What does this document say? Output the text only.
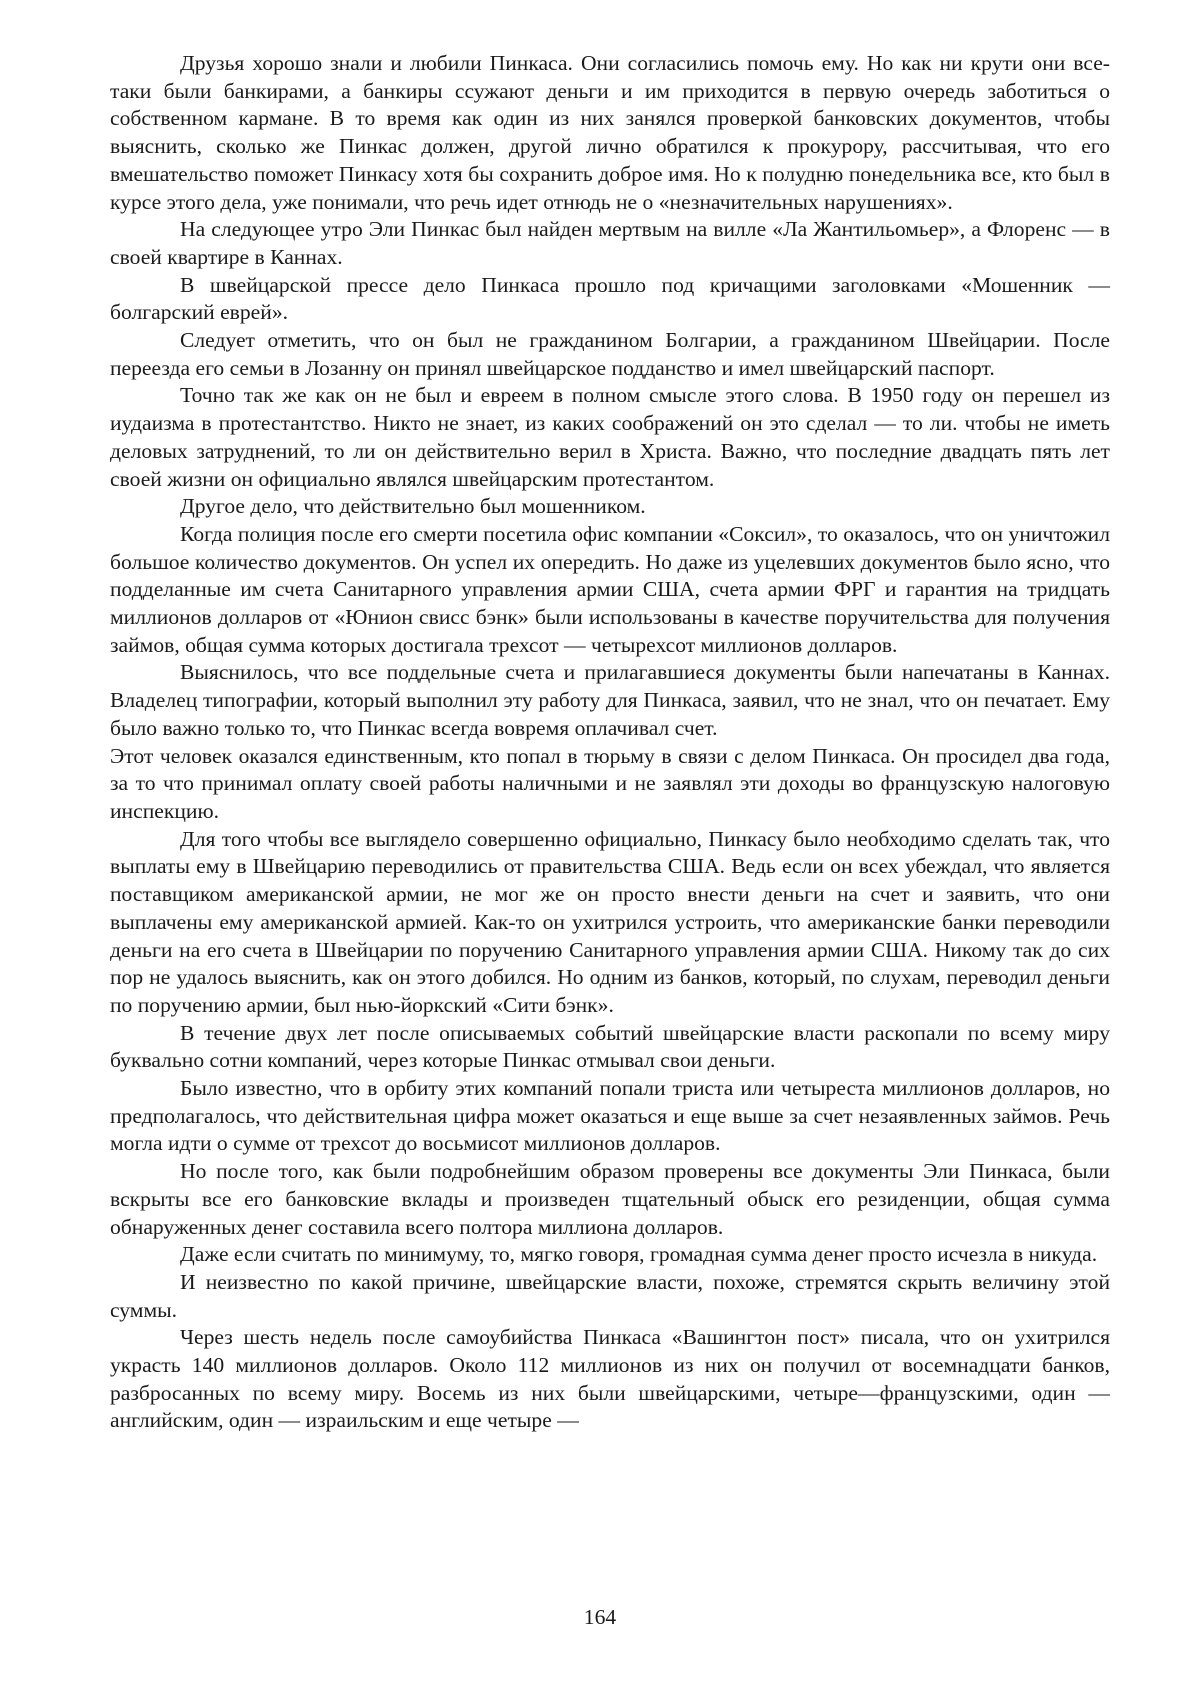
Друзья хорошо знали и любили Пинкаса. Они согласились помочь ему. Но как ни крути они все-таки были банкирами, а банкиры ссужают деньги и им приходится в первую очередь заботиться о собственном кармане. В то время как один из них занялся проверкой банковских документов, чтобы выяснить, сколько же Пинкас должен, другой лично обратился к прокурору, рассчитывая, что его вмешательство поможет Пинкасу хотя бы сохранить доброе имя. Но к полудню понедельника все, кто был в курсе этого дела, уже понимали, что речь идет отнюдь не о «незначительных нарушениях».

На следующее утро Эли Пинкас был найден мертвым на вилле «Ла Жантильомьер», а Флоренс — в своей квартире в Каннах.

В швейцарской прессе дело Пинкаса прошло под кричащими заголовками «Мошенник — болгарский еврей».

Следует отметить, что он был не гражданином Болгарии, а гражданином Швейцарии. После переезда его семьи в Лозанну он принял швейцарское подданство и имел швейцарский паспорт.

Точно так же как он не был и евреем в полном смысле этого слова. В 1950 году он перешел из иудаизма в протестантство. Никто не знает, из каких соображений он это сделал — то ли. чтобы не иметь деловых затруднений, то ли он действительно верил в Христа. Важно, что последние двадцать пять лет своей жизни он официально являлся швейцарским протестантом.

Другое дело, что действительно был мошенником.

Когда полиция после его смерти посетила офис компании «Соксил», то оказалось, что он уничтожил большое количество документов. Он успел их опередить. Но даже из уцелевших документов было ясно, что подделанные им счета Санитарного управления армии США, счета армии ФРГ и гарантия на тридцать миллионов долларов от «Юнион свисс бэнк» были использованы в качестве поручительства для получения займов, общая сумма которых достигала трехсот — четырехсот миллионов долларов.

Выяснилось, что все поддельные счета и прилагавшиеся документы были напечатаны в Каннах. Владелец типографии, который выполнил эту работу для Пинкаса, заявил, что не знал, что он печатает. Ему было важно только то, что Пинкас всегда вовремя оплачивал счет.

Этот человек оказался единственным, кто попал в тюрьму в связи с делом Пинкаса. Он просидел два года, за то что принимал оплату своей работы наличными и не заявлял эти доходы во французскую налоговую инспекцию.

Для того чтобы все выглядело совершенно официально, Пинкасу было необходимо сделать так, что выплаты ему в Швейцарию переводились от правительства США. Ведь если он всех убеждал, что является поставщиком американской армии, не мог же он просто внести деньги на счет и заявить, что они выплачены ему американской армией. Как-то он ухитрился устроить, что американские банки переводили деньги на его счета в Швейцарии по поручению Санитарного управления армии США. Никому так до сих пор не удалось выяснить, как он этого добился. Но одним из банков, который, по слухам, переводил деньги по поручению армии, был нью-йоркский «Сити бэнк».

В течение двух лет после описываемых событий швейцарские власти раскопали по всему миру буквально сотни компаний, через которые Пинкас отмывал свои деньги.

Было известно, что в орбиту этих компаний попали триста или четыреста миллионов долларов, но предполагалось, что действительная цифра может оказаться и еще выше за счет незаявленных займов. Речь могла идти о сумме от трехсот до восьмисот миллионов долларов.

Но после того, как были подробнейшим образом проверены все документы Эли Пинкаса, были вскрыты все его банковские вклады и произведен тщательный обыск его резиденции, общая сумма обнаруженных денег составила всего полтора миллиона долларов.

Даже если считать по минимуму, то, мягко говоря, громадная сумма денег просто исчезла в никуда.

И неизвестно по какой причине, швейцарские власти, похоже, стремятся скрыть величину этой суммы.

Через шесть недель после самоубийства Пинкаса «Вашингтон пост» писала, что он ухитрился украсть 140 миллионов долларов. Около 112 миллионов из них он получил от восемнадцати банков, разбросанных по всему миру. Восемь из них были швейцарскими, четыре—французскими, один — английским, один — израильским и еще четыре —

164
